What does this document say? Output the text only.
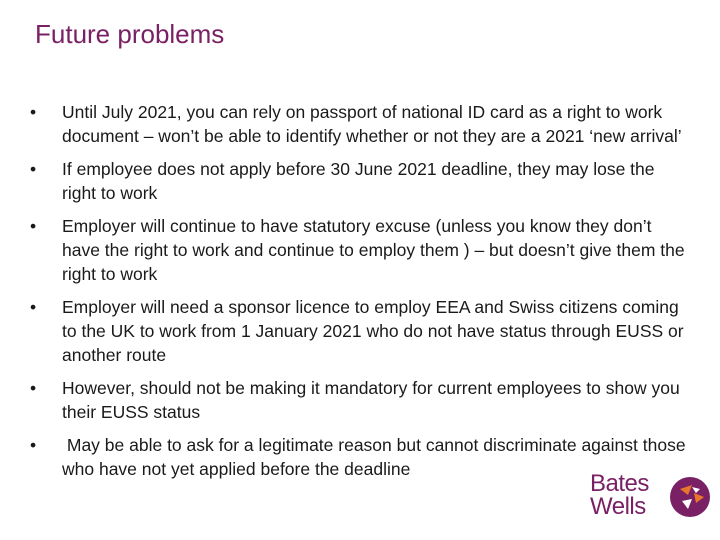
Future problems
•	Until July 2021, you can rely on passport of national ID card as a right to work document – won’t be able to identify whether or not they are a 2021 ‘new arrival’
•	If employee does not apply before 30 June 2021 deadline, they may lose the right to work
•	Employer will continue to have statutory excuse (unless you know they don’t have the right to work and continue to employ them ) – but doesn’t give them the right to work
•	Employer will need a sponsor licence to employ EEA and Swiss citizens coming to the UK to work from 1 January 2021 who do not have status through EUSS or another route
•	However, should not be making it mandatory for current employees to show you their EUSS status
•	May be able to ask for a legitimate reason but cannot discriminate against those who have not yet applied before the deadline
Bates
Wells
